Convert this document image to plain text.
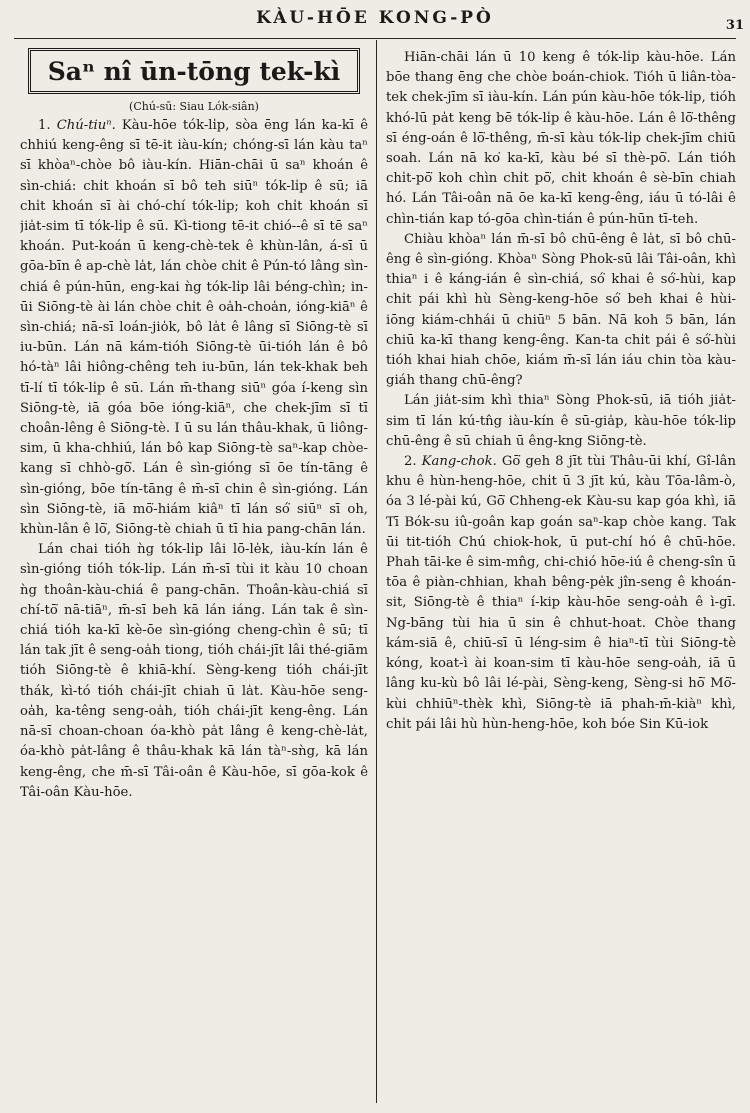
KÀU-HŌE KONG-PÒ	31
Saⁿ nî ūn-tōng tek-kì
(Chú-sū: Siau Lók-siân)

1. Chú-tiuⁿ. Kàu-hōe tók-li̍p, sòa ēng lán ka-kī ê chhiú keng-êng sī tē-it iàu-kín; chóng-sī lán kàu taⁿ sī khòaⁿ-chòe bô iàu-kín. Hiān-chāi ū saⁿ khoán ê sìn-chiá: chi̍t khoán sī bô teh siūⁿ tók-li̍p ê sū; iā chi̍t khoán sī ài chó-chí tók-li̍p; koh chi̍t khoán sī jia̍t-sim tī tók-li̍p ê sū. Kì-tiong tē-it chió--ê sī tē saⁿ khoán. Put-koán ū keng-chè-tek ê khùn-lân, á-sī ū gōa-bīn ê ap-chè la̍t, lán chòe chi̍t ê Pún-tó lâng sìn-chiá ê pún-hūn, eng-kai ǹg tók-li̍p lâi béng-chìn; in-ūi Siōng-tè ài lán chòe chi̍t ê oa̍h-choa̍n, ióng-kiāⁿ ê sìn-chiá; nā-sī loán-jio̍k, bô la̍t ê lâng sī Siōng-tè sī iu-būn. Lán nā kám-tióh Siōng-tè ūi-tióh lán ê bô hó-tàⁿ lâi hiông-chêng teh iu-būn, lán tek-khak beh tī-lí tī tók-li̍p ê sū. Lán m̄-thang siūⁿ góa í-keng sìn Siōng-tè, iā góa bōe ióng-kiāⁿ, che chek-jīm sī tī choân-lêng ê Siōng-tè. I ū su lán thâu-khak, ū liông-sim, ū kha-chhiú, lán bô kap Siōng-tè saⁿ-kap chòe-kang sī chhò-gō͘. Lán ê sìn-gióng sī ōe tín-tāng ê sìn-gióng, bōe tín-tāng ê m̄-sī chin ê sìn-gióng. Lán sìn Siōng-tè, iā mō͘-hiám kiâⁿ tī lán só͘ siūⁿ sī oh, khùn-lân ê lō͘, Siōng-tè chiah ū tī hia pang-chān lán.

Lán chai tióh ǹg tók-li̍p lâi lō-le̍k, iàu-kín lán ê sìn-gióng tióh tók-li̍p. Lán m̄-sī tùi it kàu 10 choan ǹg thoân-kàu-chiá ê pang-chān. Thoân-kàu-chiá sī chí-tō͘ nā-tiāⁿ, m̄-sī beh kā lán iáng. Lán tak ê sìn-chiá tióh ka-kī kè-ōe sìn-gióng cheng-chìn ê sū; tī lán tak jīt ê seng-oa̍h tiong, tióh chái-jīt lâi thé-giām tióh Siōng-tè ê khiā-khí. Sèng-keng tióh chái-jīt thák, kì-tó tióh chái-jīt chiah ū la̍t. Kàu-hōe seng-oa̍h, ka-têng seng-oa̍h, tióh chái-jīt keng-êng. Lán nā-sī choan-choan óa-khò pa̍t lâng ê keng-chè-la̍t, óa-khò pa̍t-lâng ê thâu-khak kā lán tàⁿ-sǹg, kā lán keng-êng, che m̄-sī Tâi-oân ê Kàu-hōe, sī gōa-kok ê Tâi-oân Kàu-hōe.

Hiān-chāi lán ū 10 keng ê tók-li̍p kàu-hōe. Lán bōe thang ēng che chòe boán-chiok. Tióh ū liân-tòa-tek chek-jīm sī iàu-kín. Lán pún kàu-hōe tók-li̍p, tióh khó-lū pa̍t keng bē tók-li̍p ê kàu-hōe. Lán ê lō͘-thêng sī éng-oán ê lō͘-thêng, m̄-sī kàu tók-li̍p chek-jīm chiū soah. Lán nā ko͘ ka-kī, kàu bé sī thè-pō͘. Lán tióh chi̍t-pō͘ koh chìn chi̍t pō͘, chi̍t khoán ê sè-bīn chiah hó. Lán Tâi-oân nā ōe ka-kī keng-êng, iáu ū tó-lâi ê chìn-tián kap tó-gōa chìn-tián ê pún-hūn tī-teh.

Chiàu khòaⁿ lán m̄-sī bô chū-êng ê la̍t, sī bô chū-êng ê sìn-gióng. Khòaⁿ Sòng Phok-sū lâi Tâi-oân, khì thiaⁿ i ê káng-ián ê sìn-chiá, só͘ khai ê só͘-hùi, kap chi̍t pái khì hù Sèng-keng-hōe só͘ beh khai ê hùi-iōng kiám-chhái ū chiūⁿ 5 bān. Nā koh 5 bān, lán chiū ka-kī thang keng-êng. Kan-ta chi̍t pái ê só͘-hùi tióh khai hiah chōe, kiám m̄-sī lán iáu chin tòa kàu-giáh thang chū-êng?

Lán jia̍t-sim khì thiaⁿ Sòng Phok-sū, iā tióh jia̍t-sim tī lán kú-tn̂g iàu-kín ê sū-gia̍p, kàu-hōe tók-li̍p chū-êng ê sū chiah ū êng-kng Siōng-tè.

2. Kang-chok. Gō͘ geh 8 jīt tùi Thâu-ūi khí, Gî-lân khu ê hùn-heng-hōe, chi̍t ū 3 jīt kú, kàu Tōa-lâm-ò, óa 3 lé-pài kú, Gō͘ Chheng-ek Kàu-su kap góa khì, iā Tī Bók-su iû-goân kap goán saⁿ-kap chòe kang. Tak ūi tit-tióh Chú chiok-hok, ū put-chí hó ê chū-hōe. Phah tāi-ke ê sim-mn̂g, chi-chió hōe-iú ê cheng-sîn ū tōa ê piàn-chhian, khah bêng-pe̍k jîn-seng ê khoán-sit, Siōng-tè ê thiaⁿ í-kip kàu-hōe seng-oa̍h ê ì-gī. Ng-bāng tùi hia ū sin ê chhut-hoat. Chòe thang kám-siā ê, chiū-sī ū léng-sim ê hiaⁿ-tī tùi Siōng-tè kóng, koat-ì ài koan-sim tī kàu-hōe seng-oa̍h, iā ū lâng ku-kù bô lâi lé-pài, Sèng-keng, Sèng-si hō͘ Mō͘-kùi chhiūⁿ-thèk khì, Siōng-tè iā phah-m̄-kiàⁿ khì, chi̍t pái lâi hù hùn-heng-hōe, koh bóe Sin Kū-iok
